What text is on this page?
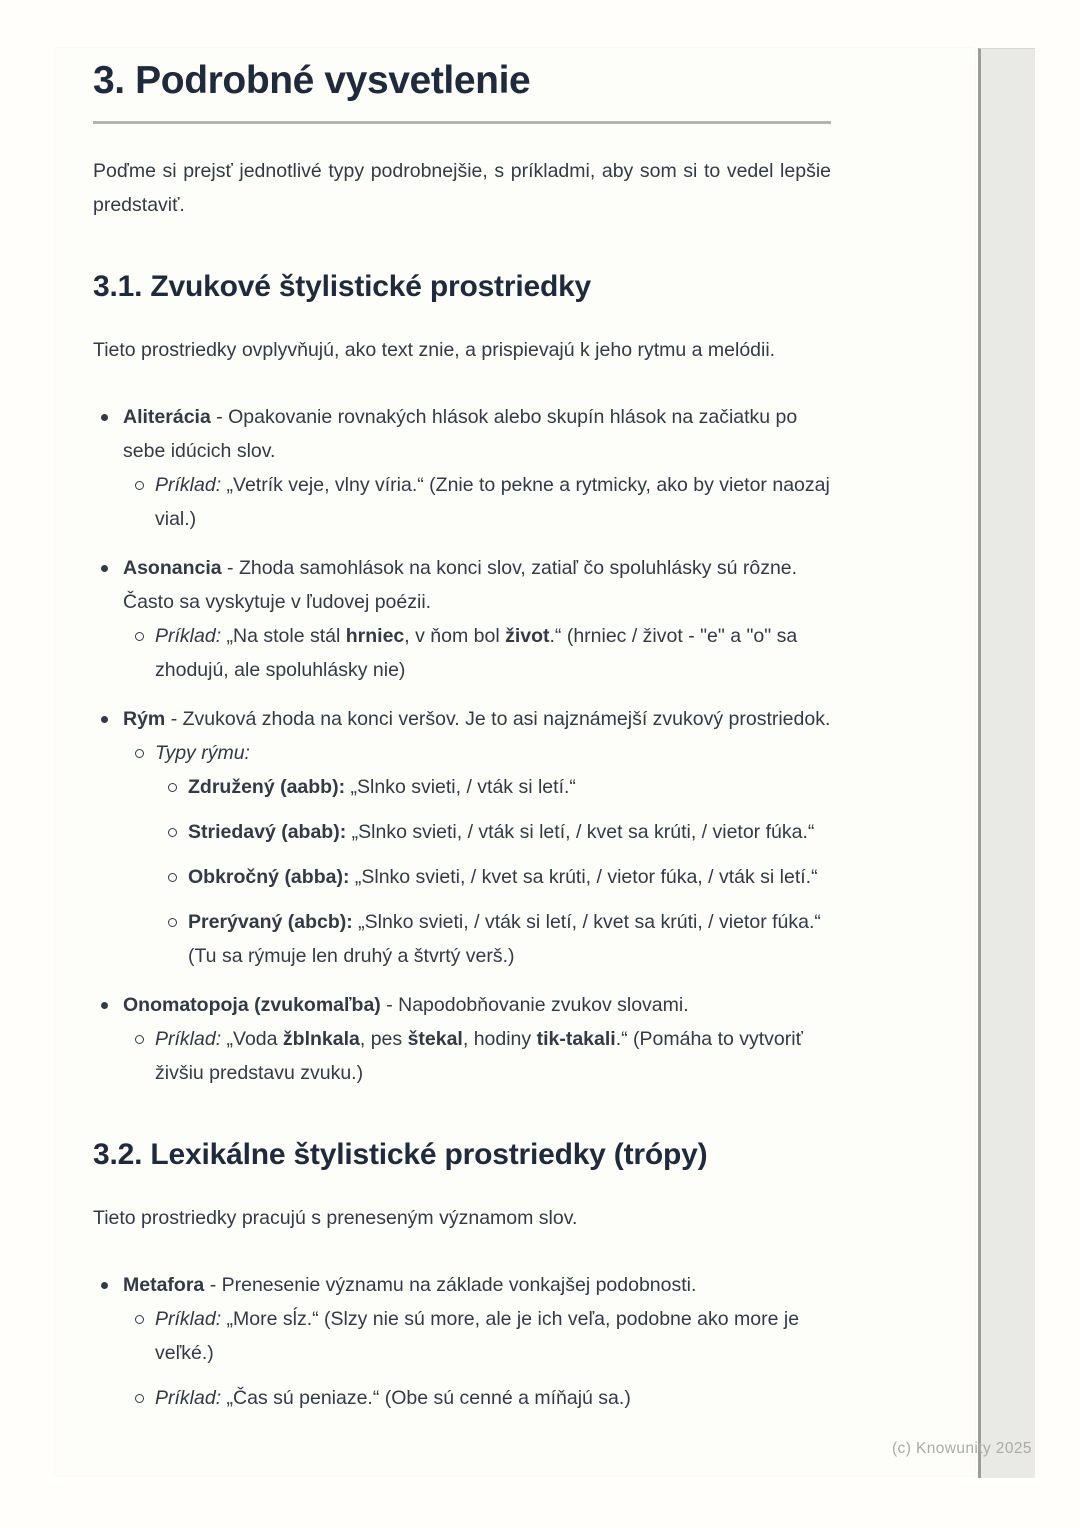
3. Podrobné vysvetlenie

Poďme si prejsť jednotlivé typy podrobnejšie, s príkladmi, aby som si to vedel lepšie predstaviť.

3.1. Zvukové štylistické prostriedky

Tieto prostriedky ovplyvňujú, ako text znie, a prispievajú k jeho rytmu a melódii.

Aliterácia - Opakovanie rovnakých hlások alebo skupín hlások na začiatku po sebe idúcich slov.
Príklad: „Vetrík veje, vlny víria.“ (Znie to pekne a rytmicky, ako by vietor naozaj vial.)
Asonancia - Zhoda samohlások na konci slov, zatiaľ čo spoluhlásky sú rôzne. Často sa vyskytuje v ľudovej poézii.
Príklad: „Na stole stál hrniec, v ňom bol život.“ (hrniec / život - "e" a "o" sa zhodujú, ale spoluhlásky nie)
Rým - Zvuková zhoda na konci veršov. Je to asi najznámejší zvukový prostriedok.
Typy rýmu:
Združený (aabb): „Slnko svieti, / vták si letí.“
Striedavý (abab): „Slnko svieti, / vták si letí, / kvet sa krúti, / vietor fúka.“
Obkročný (abba): „Slnko svieti, / kvet sa krúti, / vietor fúka, / vták si letí.“
Prerývaný (abcb): „Slnko svieti, / vták si letí, / kvet sa krúti, / vietor fúka.“ (Tu sa rýmuje len druhý a štvrtý verš.)
Onomatopoja (zvukomaľba) - Napodobňovanie zvukov slovami.
Príklad: „Voda žblnkala, pes štekal, hodiny tik-takali.“ (Pomáha to vytvoriť živšiu predstavu zvuku.)
3.2. Lexikálne štylistické prostriedky (trópy)

Tieto prostriedky pracujú s preneseným významom slov.

Metafora - Prenesenie významu na základe vonkajšej podobnosti.
Príklad: „More sĺz.“ (Slzy nie sú more, ale je ich veľa, podobne ako more je veľké.)
Príklad: „Čas sú peniaze.“ (Obe sú cenné a míňajú sa.)
(c) Knowunity 2025
